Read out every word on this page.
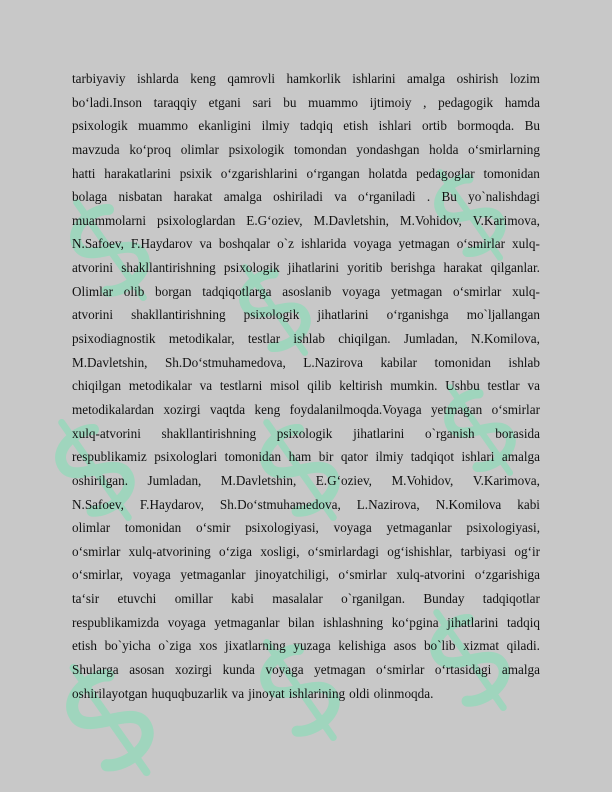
tarbiyaviy ishlarda keng qamrovli hamkorlik ishlarini amalga oshirish lozim
bo‘ladi.Inson taraqqiy etgani sari bu muammo ijtimoiy , pedagogik hamda
psixologik muammo ekanligini ilmiy tadqiq etish ishlari ortib bormoqda. Bu
mavzuda ko‘proq olimlar psixologik tomondan yondashgan holda o‘smirlarning
hatti harakatlarini psixik o‘zgarishlarini o‘rgangan holatda pedagoglar tomonidan
bolaga nisbatan harakat amalga oshiriladi va o‘rganiladi . Bu yo`nalishdagi
muammolarni psixologlardan E.G‘oziev, M.Davletshin, M.Vohidov, V.Karimova,
N.Safoev, F.Haydarov va boshqalar o`z ishlarida voyaga yetmagan o‘smirlar xulq-
atvorini shakllantirishning psixologik jihatlarini yoritib berishga harakat qilganlar.
Olimlar olib borgan tadqiqotlarga asoslanib voyaga yetmagan o‘smirlar xulq-
atvorini shakllantirishning psixologik jihatlarini o‘rganishga mo`ljallangan
psixodiagnostik metodikalar, testlar ishlab chiqilgan. Jumladan, N.Komilova,
M.Davletshin, Sh.Do‘stmuhamedova, L.Nazirova kabilar tomonidan ishlab
chiqilgan metodikalar va testlarni misol qilib keltirish mumkin. Ushbu testlar va
metodikalardan xozirgi vaqtda keng foydalanilmoqda.Voyaga yetmagan o‘smirlar
xulq-atvorini shakllantirishning psixologik jihatlarini o`rganish borasida
respublikamiz psixologlari tomonidan ham bir qator ilmiy tadqiqot ishlari amalga
oshirilgan. Jumladan, M.Davletshin, E.G‘oziev, M.Vohidov, V.Karimova,
N.Safoev, F.Haydarov, Sh.Do‘stmuhamedova, L.Nazirova, N.Komilova kabi
olimlar tomonidan o‘smir psixologiyasi, voyaga yetmaganlar psixologiyasi,
o‘smirlar xulq-atvorining o‘ziga xosligi, o‘smirlardagi og‘ishishlar, tarbiyasi og‘ir
o‘smirlar, voyaga yetmaganlar jinoyatchiligi, o‘smirlar xulq-atvorini o‘zgarishiga
ta‘sir etuvchi omillar kabi masalalar o`rganilgan. Bunday tadqiqotlar
respublikamizda voyaga yetmaganlar bilan ishlashning ko‘pgina jihatlarini tadqiq
etish bo`yicha o`ziga xos jixatlarning yuzaga kelishiga asos bo`lib xizmat qiladi.
Shularga asosan xozirgi kunda voyaga yetmagan o‘smirlar o‘rtasidagi amalga
oshirilayotgan huquqbuzarlik va jinoyat ishlarining oldi olinmoqda.
